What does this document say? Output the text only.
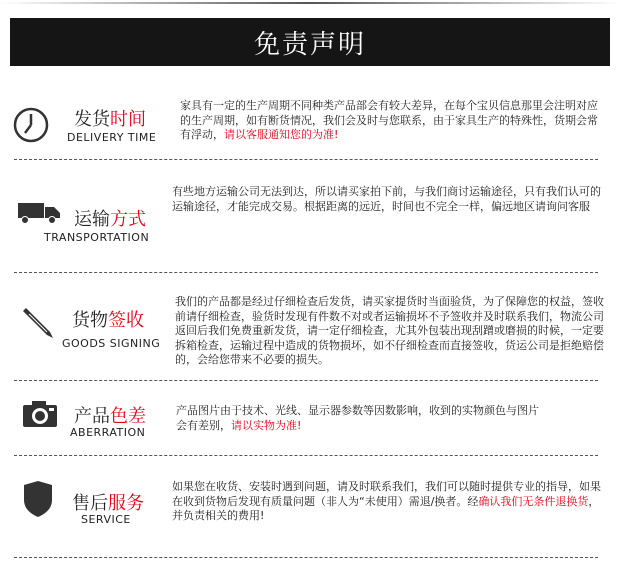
免责声明
发货时间
DELIVERY TIME
家具有一定的生产周期不同种类产品部会有较大差异，在每个宝贝信息那里会注明对应的生产周期，如有断货情况，我们会及时与您联系，由于家具生产的特殊性，货期会常有浮动，请以客服通知您的为准!
运输方式
TRANSPORTATION
有些地方运输公司无法到达，所以请买家拍下前，与我们商讨运输途径，只有我们认可的运输途径，才能完成交易。根据距离的远近，时间也不完全一样，偏远地区请询问客服
货物签收
GOODS SIGNING
我们的产品都是经过仔细检查后发货，请买家提货时当面验货，为了保障您的权益，签收前请仔细检查，验货时发现有件数不对或者运输损坏不予签收并及时联系我们，物流公司返回后我们免费重新发货，请一定仔细检查，尤其外包装出现刮蹭或磨损的时候，一定要拆箱检查，运输过程中造成的货物损坏，如不仔细检查而直接签收，货运公司是拒绝赔偿的，会给您带来不必要的损失。
产品色差
ABERRATION
产品图片由于技术、光线、显示器参数等因数影响，收到的实物颜色与图片会有差别，请以实物为准!
售后服务
SERVICE
如果您在收货、安装时遇到问题，请及时联系我们，我们可以随时提供专业的指导，如果在收到货物后发现有质量问题（非人为“未使用）需退/换者。经确认我们无条件退换货，并负责相关的费用!
